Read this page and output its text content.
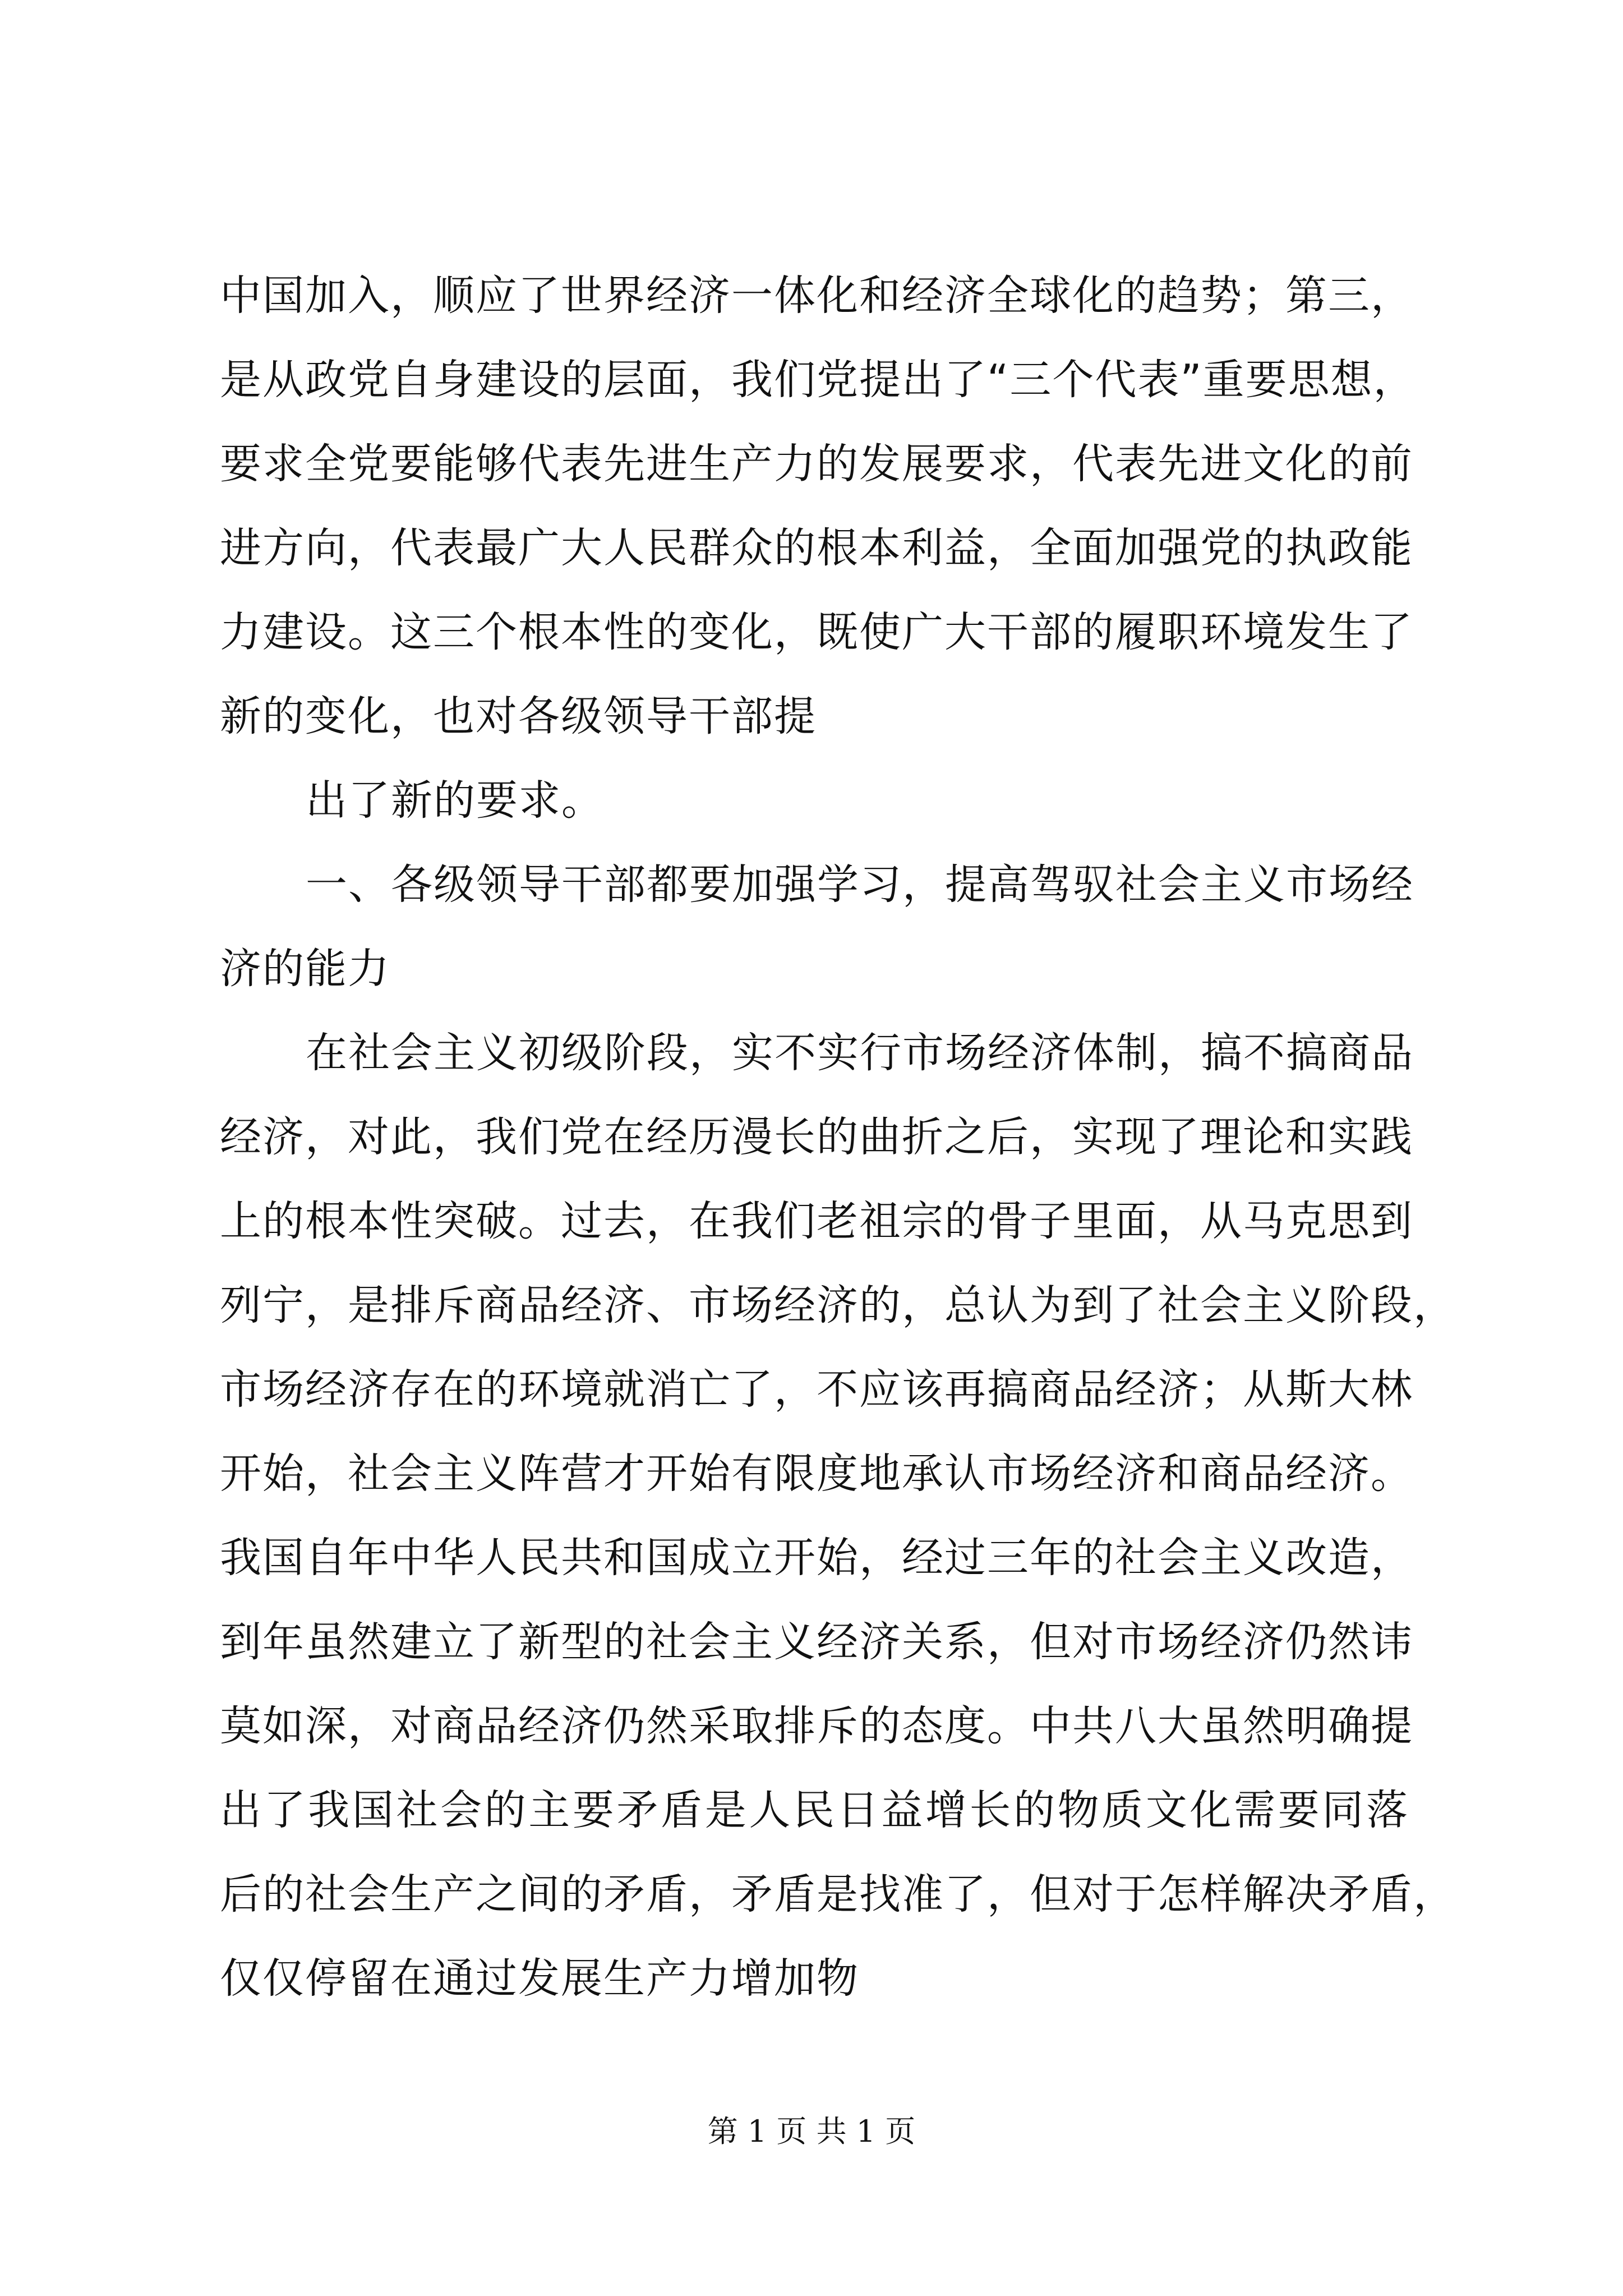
中国加入，顺应了世界经济一体化和经济全球化的趋势；第三，

是从政党自身建设的层面，我们党提出了“三个代表”重要思想，

要求全党要能够代表先进生产力的发展要求，代表先进文化的前

进方向，代表最广大人民群众的根本利益，全面加强党的执政能

力建设。这三个根本性的变化，既使广大干部的履职环境发生了

新的变化，也对各级领导干部提

出了新的要求。

一、各级领导干部都要加强学习，提高驾驭社会主义市场经

济的能力

在社会主义初级阶段，实不实行市场经济体制，搞不搞商品

经济，对此，我们党在经历漫长的曲折之后，实现了理论和实践

上的根本性突破。过去，在我们老祖宗的骨子里面，从马克思到

列宁，是排斥商品经济、市场经济的，总认为到了社会主义阶段，

市场经济存在的环境就消亡了，不应该再搞商品经济；从斯大林

开始，社会主义阵营才开始有限度地承认市场经济和商品经济。

我国自年中华人民共和国成立开始，经过三年的社会主义改造，

到年虽然建立了新型的社会主义经济关系，但对市场经济仍然讳

莫如深，对商品经济仍然采取排斥的态度。中共八大虽然明确提

出了我国社会的主要矛盾是人民日益增长的物质文化需要同落

后的社会生产之间的矛盾，矛盾是找准了，但对于怎样解决矛盾，

仅仅停留在通过发展生产力增加物

第 1 页 共 1 页
